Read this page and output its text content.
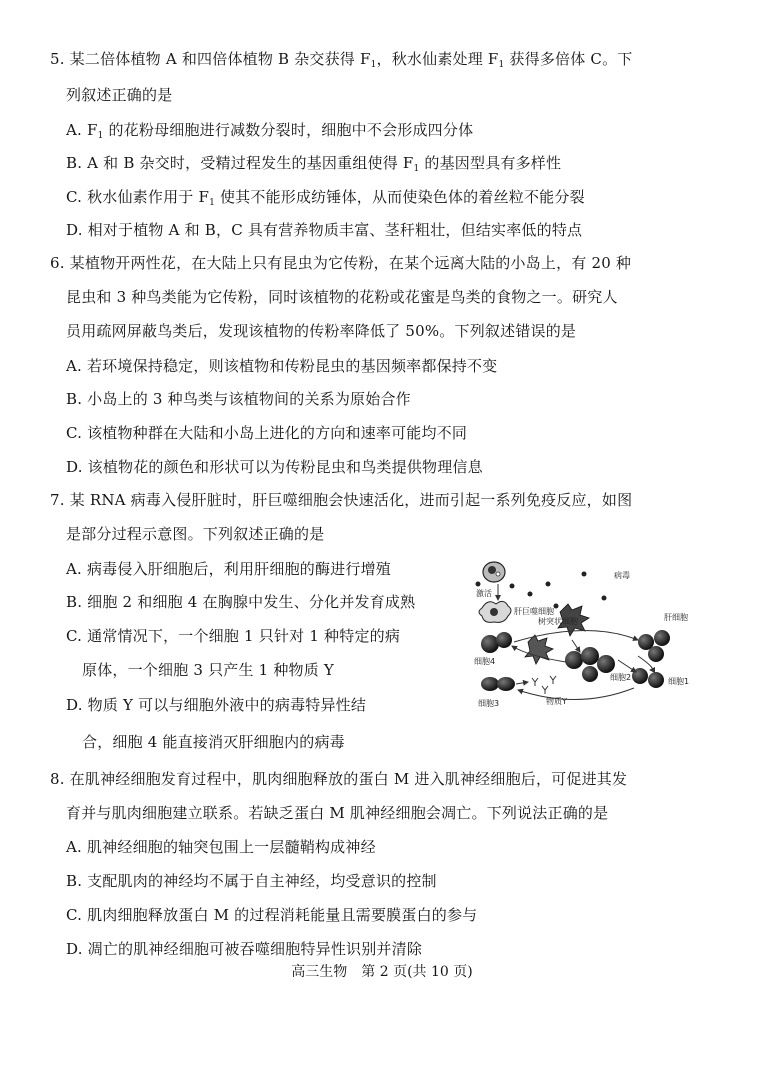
5. 某二倍体植物 A 和四倍体植物 B 杂交获得 $F_1$，秋水仙素处理 $F_1$ 获得多倍体 C。下
列叙述正确的是
A. $F_1$ 的花粉母细胞进行减数分裂时，细胞中不会形成四分体
B. A 和 B 杂交时，受精过程发生的基因重组使得 $F_1$ 的基因型具有多样性
C. 秋水仙素作用于 $F_1$ 使其不能形成纺锤体，从而使染色体的着丝粒不能分裂
D. 相对于植物 A 和 B，C 具有营养物质丰富、茎秆粗壮，但结实率低的特点
6. 某植物开两性花，在大陆上只有昆虫为它传粉，在某个远离大陆的小岛上，有 20 种
昆虫和 3 种鸟类能为它传粉，同时该植物的花粉或花蜜是鸟类的食物之一。研究人
员用疏网屏蔽鸟类后，发现该植物的传粉率降低了 50%。下列叙述错误的是
A. 若环境保持稳定，则该植物和传粉昆虫的基因频率都保持不变
B. 小岛上的 3 种鸟类与该植物间的关系为原始合作
C. 该植物种群在大陆和小岛上进化的方向和速率可能均不同
D. 该植物花的颜色和形状可以为传粉昆虫和鸟类提供物理信息
7. 某 RNA 病毒入侵肝脏时，肝巨噬细胞会快速活化，进而引起一系列免疫反应，如图
是部分过程示意图。下列叙述正确的是
A. 病毒侵入肝细胞后，利用肝细胞的酶进行增殖
B. 细胞 2 和细胞 4 在胸腺中发生、分化并发育成熟
C. 通常情况下，一个细胞 1 只针对 1 种特定的病
原体，一个细胞 3 只产生 1 种物质 Y
D. 物质 Y 可以与细胞外液中的病毒特异性结
合，细胞 4 能直接消灭肝细胞内的病毒
病毒
激活
肝巨噬细胞
树突状细胞	肝细胞
细胞2
细胞4
细胞3
细胞1
物质Y
8. 在肌神经细胞发育过程中，肌肉细胞释放的蛋白 M 进入肌神经细胞后，可促进其发
育并与肌肉细胞建立联系。若缺乏蛋白 M 肌神经细胞会凋亡。下列说法正确的是
A. 肌神经细胞的轴突包围上一层髓鞘构成神经
B. 支配肌肉的神经均不属于自主神经，均受意识的控制
C. 肌肉细胞释放蛋白 M 的过程消耗能量且需要膜蛋白的参与
D. 凋亡的肌神经细胞可被吞噬细胞特异性识别并清除
高三生物　第 2 页(共 10 页)
